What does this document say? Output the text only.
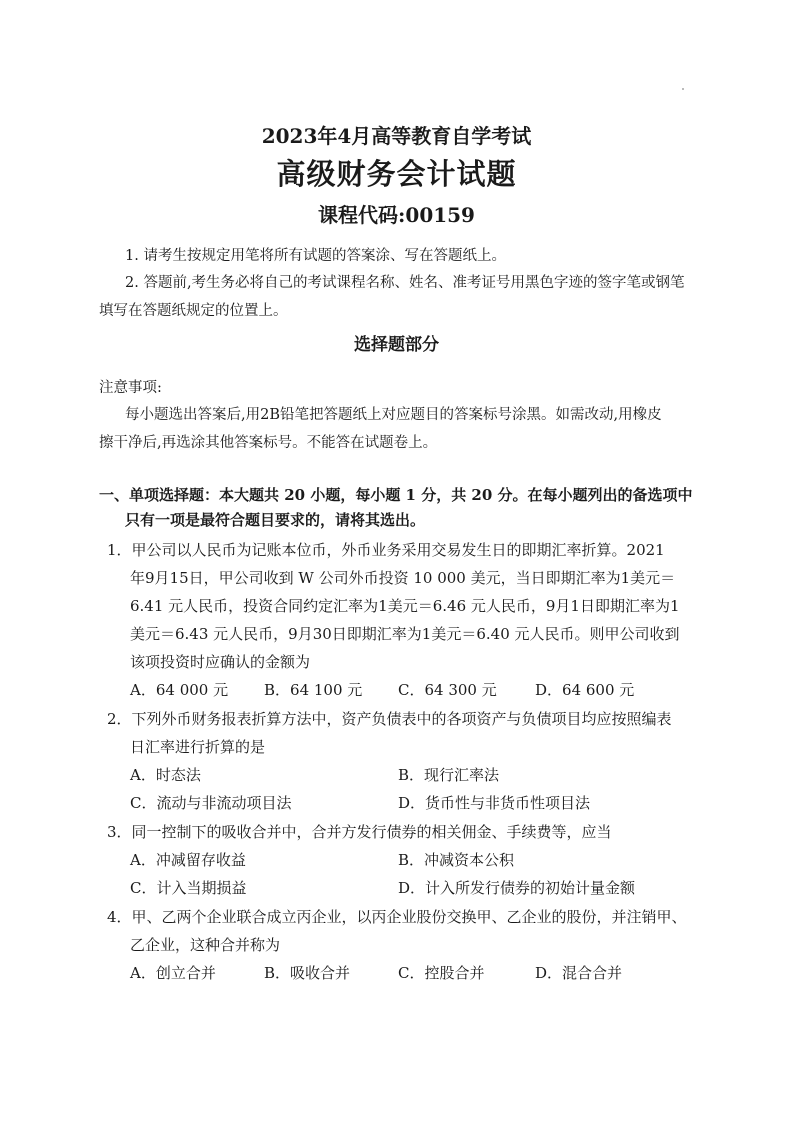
2023年4月高等教育自学考试
高级财务会计试题
课程代码:00159
1. 请考生按规定用笔将所有试题的答案涂、写在答题纸上。
2. 答题前,考生务必将自己的考试课程名称、姓名、准考证号用黑色字迹的签字笔或钢笔
填写在答题纸规定的位置上。
选择题部分
注意事项:
每小题选出答案后,用2B铅笔把答题纸上对应题目的答案标号涂黑。如需改动,用橡皮
擦干净后,再选涂其他答案标号。不能答在试题卷上。
一、单项选择题：本大题共 20 小题，每小题 1 分，共 20 分。在每小题列出的备选项中
只有一项是最符合题目要求的，请将其选出。
1．甲公司以人民币为记账本位币，外币业务采用交易发生日的即期汇率折算。2021
年9月15日，甲公司收到 W 公司外币投资 10 000 美元，当日即期汇率为1美元＝
6.41 元人民币，投资合同约定汇率为1美元＝6.46 元人民币，9月1日即期汇率为1
美元＝6.43 元人民币，9月30日即期汇率为1美元＝6.40 元人民币。则甲公司收到
该项投资时应确认的金额为
A．64 000 元 B．64 100 元 C．64 300 元	D．64 600 元
2．下列外币财务报表折算方法中，资产负债表中的各项资产与负债项目均应按照编表
日汇率进行折算的是
A．时态法	B．现行汇率法
C．流动与非流动项目法	D．货币性与非货币性项目法
3．同一控制下的吸收合并中，合并方发行债券的相关佣金、手续费等，应当
A．冲减留存收益	B．冲减资本公积
C．计入当期损益	D．计入所发行债券的初始计量金额
4．甲、乙两个企业联合成立丙企业，以丙企业股份交换甲、乙企业的股份，并注销甲、
乙企业，这种合并称为
A．创立合并	B．吸收合并	C．控股合并	D．混合合并
